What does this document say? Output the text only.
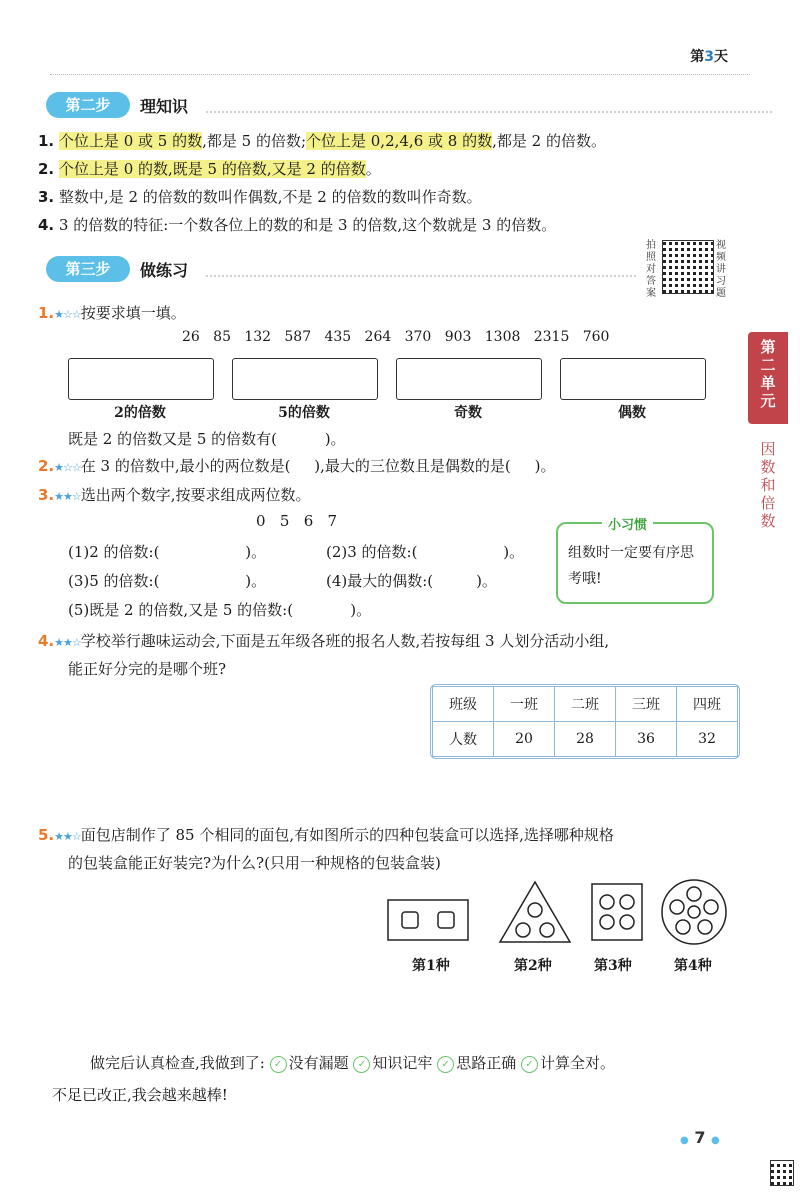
第3天
第二步	理知识
1. 个位上是 0 或 5 的数,都是 5 的倍数;个位上是 0,2,4,6 或 8 的数,都是 2 的倍数。
2. 个位上是 0 的数,既是 5 的倍数,又是 2 的倍数。
3. 整数中,是 2 的倍数的数叫作偶数,不是 2 的倍数的数叫作奇数。
4. 3 的倍数的特征:一个数各位上的数的和是 3 的倍数,这个数就是 3 的倍数。
拍照对答案
视频讲习题
第三步	做练习
1.★☆☆按要求填一填。
26   85   132   587   435   264   370   903   1308   2315   760
2的倍数	5的倍数	奇数	偶数
既是 2 的倍数又是 5 的倍数有(          )。
2.★☆☆在 3 的倍数中,最小的两位数是(     ),最大的三位数且是偶数的是(     )。
3.★★☆选出两个数字,按要求组成两位数。
0   5   6   7
(1)2 的倍数:(                  )。	(2)3 的倍数:(                  )。
(3)5 的倍数:(                  )。	(4)最大的偶数:(         )。
(5)既是 2 的倍数,又是 5 的倍数:(            )。
小习惯
组数时一定要有序思考哦!
4.★★☆学校举行趣味运动会,下面是五年级各班的报名人数,若按每组 3 人划分活动小组,
能正好分完的是哪个班?
班级	一班	二班	三班	四班
人数	20	28	36	32
5.★★☆面包店制作了 85 个相同的面包,有如图所示的四种包装盒可以选择,选择哪种规格
的包装盒能正好装完?为什么?(只用一种规格的包装盒装)
第1种	第2种	第3种	第4种
做完后认真检查,我做到了: ✓ 没有漏题 ✓ 知识记牢 ✓ 思路正确 ✓ 计算全对。
不足已改正,我会越来越棒!
第二单元
因数和倍数
● 7 ●
